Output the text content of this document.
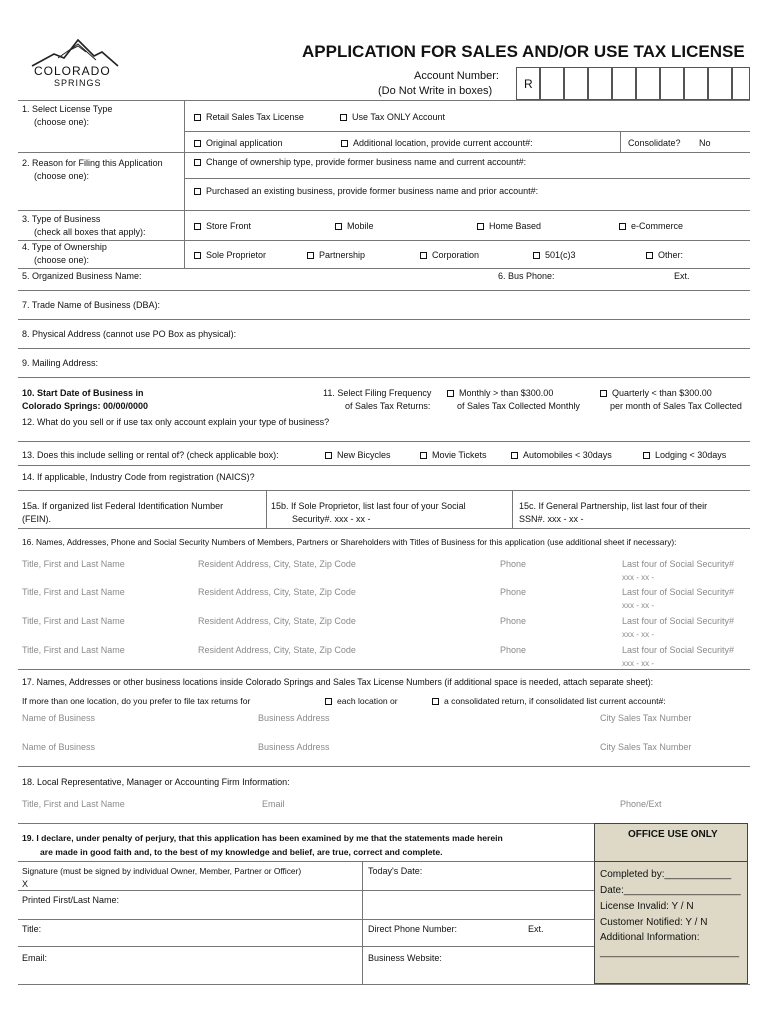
COLORADO
SPRINGS
APPLICATION FOR SALES AND/OR USE TAX LICENSE
Account Number:
(Do Not Write in boxes)	R
1. Select License Type
(choose one):	Retail Sales Tax License	Use Tax ONLY Account
2. Reason for Filing this Application
(choose one):
Original application	Additional location, provide current account#:	Consolidate? No
Change of ownership type, provide former business name and current account#:
Purchased an existing business, provide former business name and prior account#:
3. Type of Business
(check all boxes that apply):
Store Front	Mobile	Home Based	e-Commerce
4. Type of Ownership
(choose one):	Sole Proprietor	Partnership	Corporation	501(c)3	Other:
5. Organized Business Name:	6. Bus Phone:	Ext.
7. Trade Name of Business (DBA):
8. Physical Address (cannot use PO Box as physical):
9. Mailing Address:
10. Start Date of Business in
Colorado Springs: 00/00/0000
11. Select Filing Frequency
of Sales Tax Returns:
Monthly > than $300.00
of Sales Tax Collected Monthly
Quarterly < than $300.00
per month of Sales Tax Collected
12. What do you sell or if use tax only account explain your type of business?
13. Does this include selling or rental of? (check applicable box):	New Bicycles	Movie Tickets	Automobiles < 30days	Lodging < 30days
14. If applicable, Industry Code from registration (NAICS)?
15a. If organized list Federal Identification Number
(FEIN).
15b. If Sole Proprietor, list last four of your Social
Security#. xxx - xx -
15c. If General Partnership, list last four of their
SSN#. xxx - xx -
16. Names, Addresses, Phone and Social Security Numbers of Members, Partners or Shareholders with Titles of Business for this application (use additional sheet if necessary):
Title, First and Last Name	Resident Address, City, State, Zip Code	Phone	Last four of Social Security#
xxx - xx -
Title, First and Last Name	Resident Address, City, State, Zip Code	Phone	Last four of Social Security#
xxx - xx -
Title, First and Last Name	Resident Address, City, State, Zip Code	Phone	Last four of Social Security#
xxx - xx -
Title, First and Last Name	Resident Address, City, State, Zip Code	Phone	Last four of Social Security#
xxx - xx -
17. Names, Addresses or other business locations inside Colorado Springs and Sales Tax License Numbers (if additional space is needed, attach separate sheet):
If more than one location, do you prefer to file tax returns for	each location or	a consolidated return, if consolidated list current account#:
Name of Business	Business Address	City Sales Tax Number
Name of Business	Business Address	City Sales Tax Number
18. Local Representative, Manager or Accounting Firm Information:
Title, First and Last Name	Email	Phone/Ext
19. I declare, under penalty of perjury, that this application has been examined by me that the statements made herein
are made in good faith and, to the best of my knowledge and belief, are true, correct and complete.
Signature (must be signed by individual Owner, Member, Partner or Officer)
X
Today's Date:
Printed First/Last Name:
Title:	Direct Phone Number:	Ext.
Email:	Business Website:
OFFICE USE ONLY
Completed by:____________
Date:_____________________
License Invalid: Y / N
Customer Notified: Y / N
Additional Information:
_________________________
